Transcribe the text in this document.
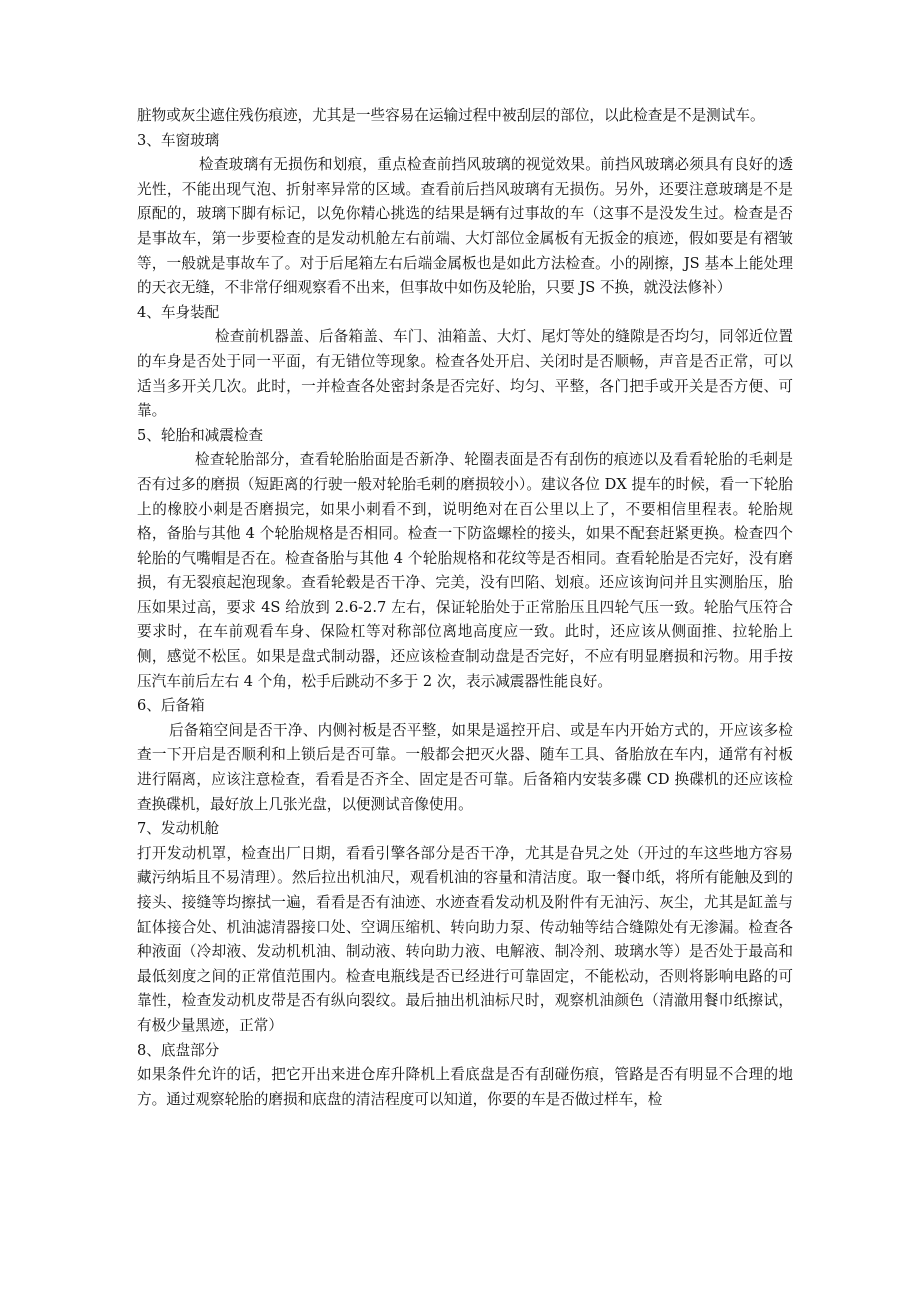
脏物或灰尘遮住残伤痕迹，尤其是一些容易在运输过程中被刮层的部位，以此检查是不是测试车。

3、车窗玻璃

检查玻璃有无损伤和划痕，重点检查前挡风玻璃的视觉效果。前挡风玻璃必须具有良好的透光性，不能出现气泡、折射率异常的区域。查看前后挡风玻璃有无损伤。另外，还要注意玻璃是不是原配的，玻璃下脚有标记，以免你精心挑选的结果是辆有过事故的车（这事不是没发生过。检查是否是事故车，第一步要检查的是发动机舱左右前端、大灯部位金属板有无扳金的痕迹，假如要是有褶皱等，一般就是事故车了。对于后尾箱左右后端金属板也是如此方法检查。小的剐擦，JS 基本上能处理的天衣无缝，不非常仔细观察看不出来，但事故中如伤及轮胎，只要 JS 不换，就没法修补）

4、车身装配

检查前机器盖、后备箱盖、车门、油箱盖、大灯、尾灯等处的缝隙是否均匀，同邻近位置的车身是否处于同一平面，有无错位等现象。检查各处开启、关闭时是否顺畅，声音是否正常，可以适当多开关几次。此时，一并检查各处密封条是否完好、均匀、平整，各门把手或开关是否方便、可靠。

5、轮胎和减震检查

检查轮胎部分，查看轮胎胎面是否新净、轮圈表面是否有刮伤的痕迹以及看看轮胎的毛刺是否有过多的磨损（短距离的行驶一般对轮胎毛刺的磨损较小）。建议各位 DX 提车的时候，看一下轮胎上的橡胶小刺是否磨损完，如果小刺看不到，说明绝对在百公里以上了，不要相信里程表。轮胎规格，备胎与其他 4 个轮胎规格是否相同。检查一下防盗螺栓的接头，如果不配套赶紧更换。检查四个轮胎的气嘴帽是否在。检查备胎与其他 4 个轮胎规格和花纹等是否相同。查看轮胎是否完好，没有磨损，有无裂痕起泡现象。查看轮毂是否干净、完美，没有凹陷、划痕。还应该询问并且实测胎压，胎压如果过高，要求 4S 给放到 2.6-2.7 左右，保证轮胎处于正常胎压且四轮气压一致。轮胎气压符合要求时，在车前观看车身、保险杠等对称部位离地高度应一致。此时，还应该从侧面推、拉轮胎上侧，感觉不松匡。如果是盘式制动器，还应该检查制动盘是否完好，不应有明显磨损和污物。用手按压汽车前后左右 4 个角，松手后跳动不多于 2 次，表示减震器性能良好。

6、后备箱

后备箱空间是否干净、内侧衬板是否平整，如果是遥控开启、或是车内开始方式的，开应该多检查一下开启是否顺利和上锁后是否可靠。一般都会把灭火器、随车工具、备胎放在车内，通常有衬板进行隔离，应该注意检查，看看是否齐全、固定是否可靠。后备箱内安装多碟 CD 换碟机的还应该检查换碟机，最好放上几张光盘，以便测试音像使用。

7、发动机舱

打开发动机罩，检查出厂日期，看看引擎各部分是否干净，尤其是旮旯之处（开过的车这些地方容易藏污纳垢且不易清理）。然后拉出机油尺，观看机油的容量和清洁度。取一餐巾纸，将所有能触及到的接头、接缝等均擦拭一遍，看看是否有油迹、水迹查看发动机及附件有无油污、灰尘，尤其是缸盖与缸体接合处、机油滤清器接口处、空调压缩机、转向助力泵、传动轴等结合缝隙处有无渗漏。检查各种液面（冷却液、发动机机油、制动液、转向助力液、电解液、制冷剂、玻璃水等）是否处于最高和最低刻度之间的正常值范围内。检查电瓶线是否已经进行可靠固定，不能松动，否则将影响电路的可靠性，检查发动机皮带是否有纵向裂纹。最后抽出机油标尺时，观察机油颜色（清澈用餐巾纸擦试，有极少量黑迹，正常）

8、底盘部分

如果条件允许的话，把它开出来进仓库升降机上看底盘是否有刮碰伤痕，管路是否有明显不合理的地方。通过观察轮胎的磨损和底盘的清洁程度可以知道，你要的车是否做过样车，检
